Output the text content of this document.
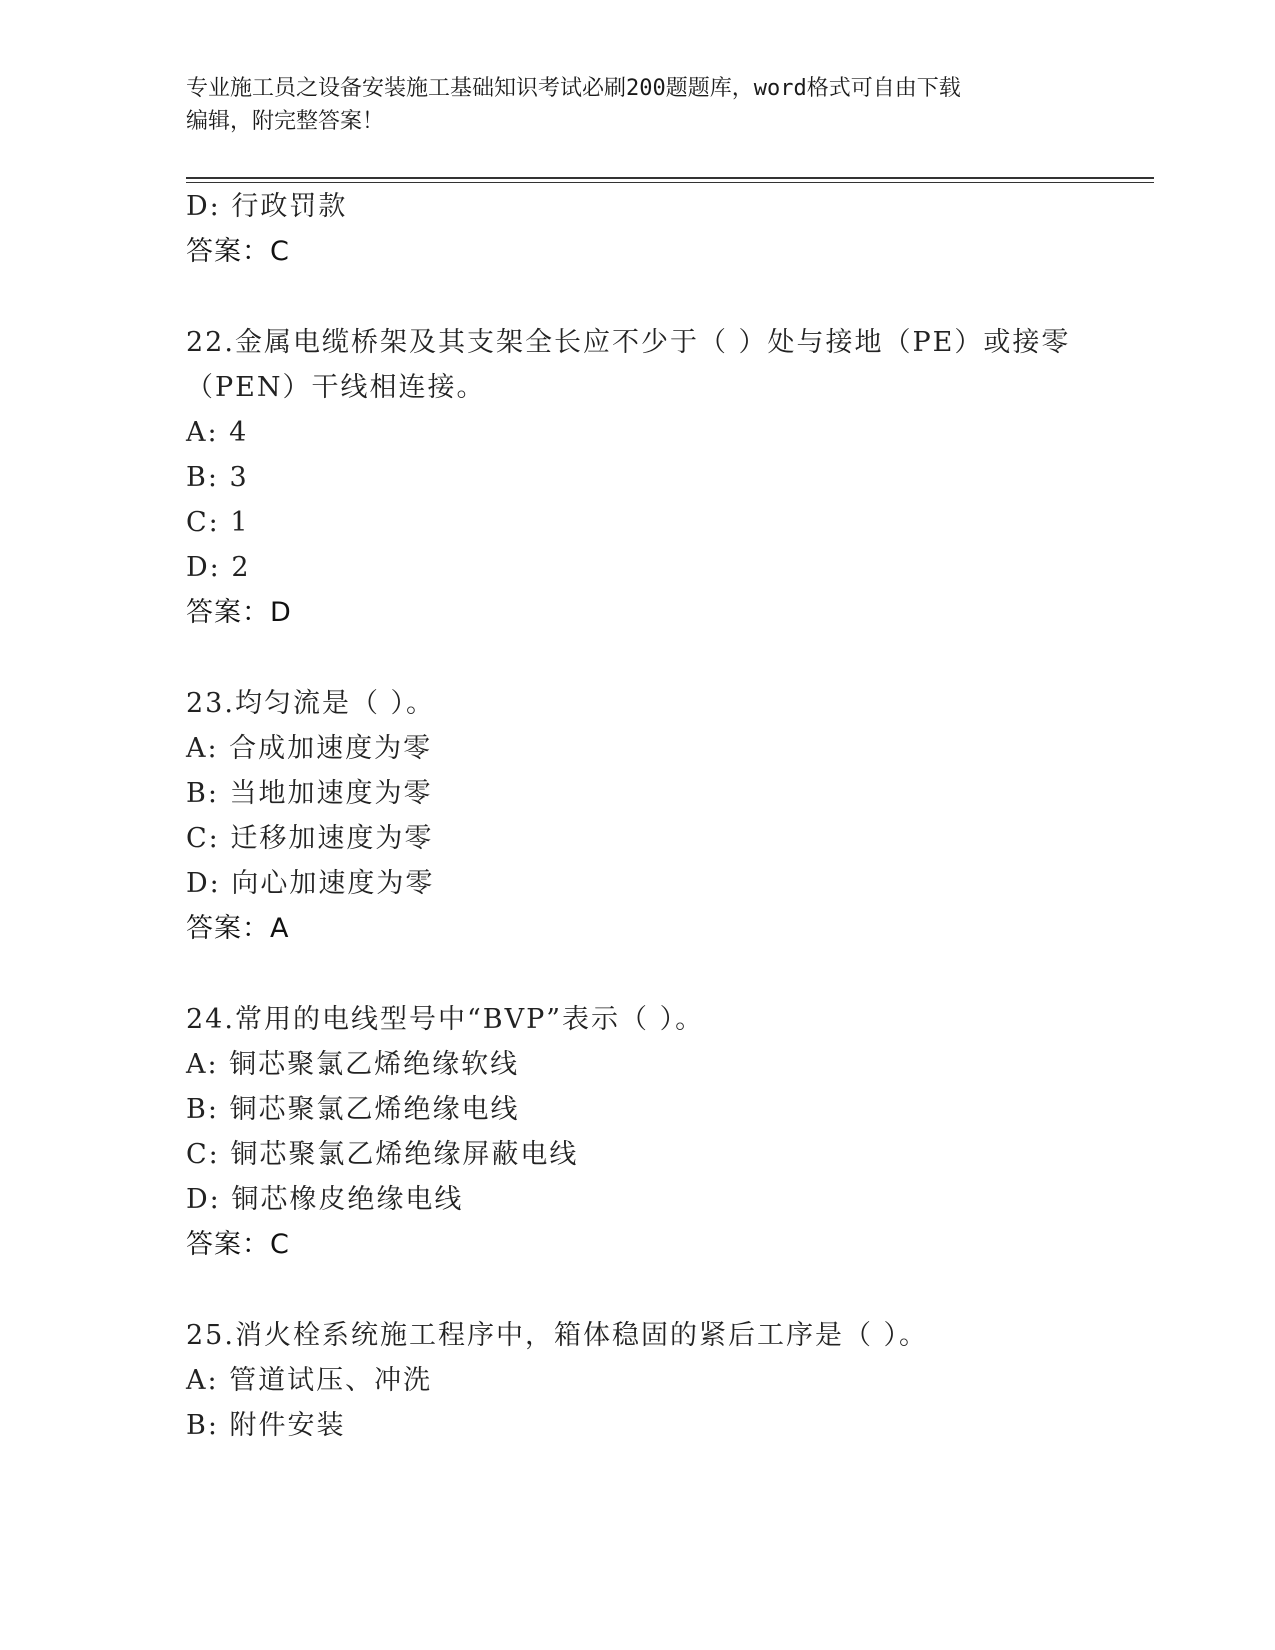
专业施工员之设备安装施工基础知识考试必刷200题题库，word格式可自由下载
编辑，附完整答案！
D: 行政罚款
答案：C
22.金属电缆桥架及其支架全长应不少于（ ）处与接地（PE）或接零
（PEN）干线相连接。
A: 4
B: 3
C: 1
D: 2
答案：D
23.均匀流是（ ）。
A: 合成加速度为零
B: 当地加速度为零
C: 迁移加速度为零
D: 向心加速度为零
答案：A
24.常用的电线型号中“BVP”表示（ ）。
A: 铜芯聚氯乙烯绝缘软线
B: 铜芯聚氯乙烯绝缘电线
C: 铜芯聚氯乙烯绝缘屏蔽电线
D: 铜芯橡皮绝缘电线
答案：C
25.消火栓系统施工程序中，箱体稳固的紧后工序是（ ）。
A: 管道试压、冲洗
B: 附件安装
